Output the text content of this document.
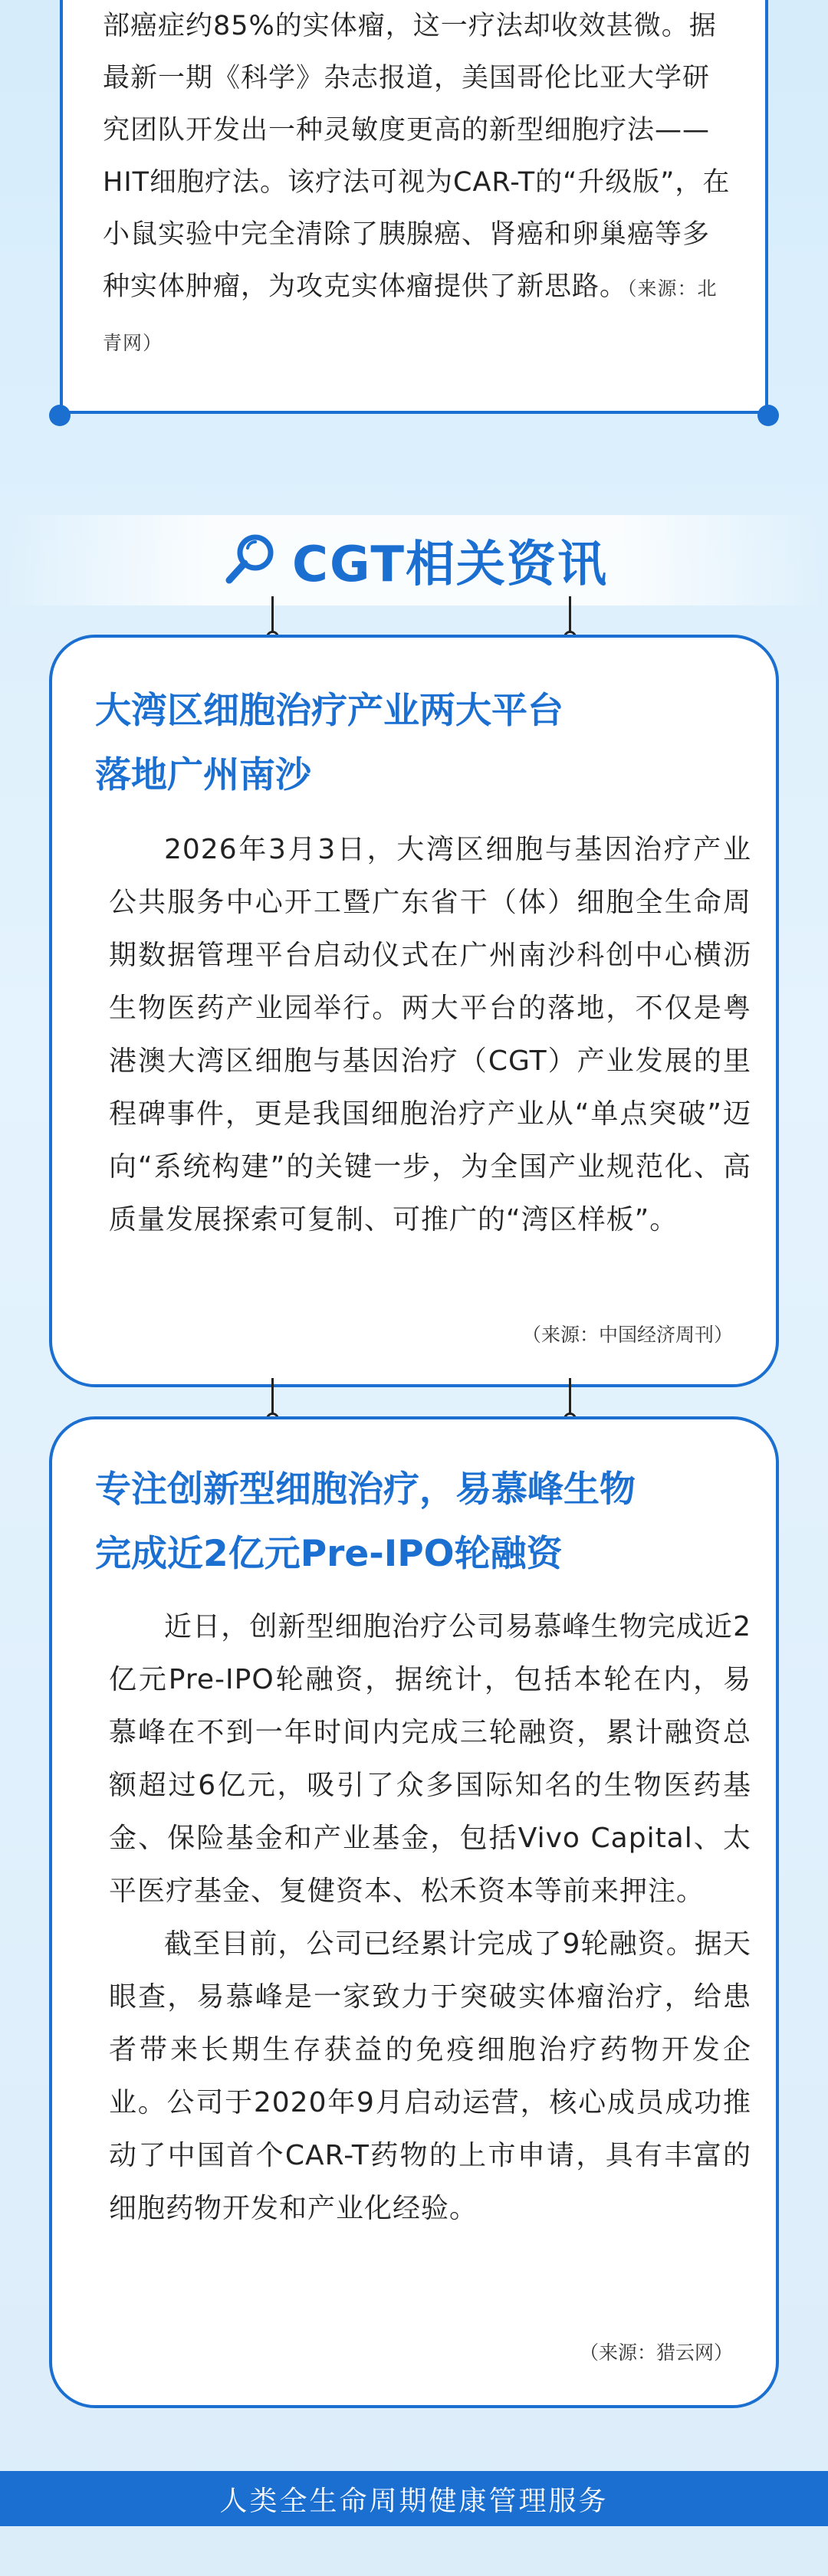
部癌症约85%的实体瘤，这一疗法却收效甚微。据最新一期《科学》杂志报道，美国哥伦比亚大学研究团队开发出一种灵敏度更高的新型细胞疗法——HIT细胞疗法。该疗法可视为CAR-T的“升级版”，在小鼠实验中完全清除了胰腺癌、肾癌和卵巢癌等多种实体肿瘤，为攻克实体瘤提供了新思路。（来源：北青网）

CGT相关资讯
大湾区细胞治疗产业两大平台
落地广州南沙

2026年3月3日，大湾区细胞与基因治疗产业公共服务中心开工暨广东省干（体）细胞全生命周期数据管理平台启动仪式在广州南沙科创中心横沥生物医药产业园举行。两大平台的落地，不仅是粤港澳大湾区细胞与基因治疗（CGT）产业发展的里程碑事件，更是我国细胞治疗产业从“单点突破”迈向“系统构建”的关键一步，为全国产业规范化、高质量发展探索可复制、可推广的“湾区样板”。

（来源：中国经济周刊）
专注创新型细胞治疗，易慕峰生物
完成近2亿元Pre-IPO轮融资

近日，创新型细胞治疗公司易慕峰生物完成近2亿元Pre-IPO轮融资，据统计，包括本轮在内，易慕峰在不到一年时间内完成三轮融资，累计融资总额超过6亿元，吸引了众多国际知名的生物医药基金、保险基金和产业基金，包括Vivo Capital、太平医疗基金、复健资本、松禾资本等前来押注。

截至目前，公司已经累计完成了9轮融资。据天眼查，易慕峰是一家致力于突破实体瘤治疗，给患者带来长期生存获益的免疫细胞治疗药物开发企业。公司于2020年9月启动运营，核心成员成功推动了中国首个CAR-T药物的上市申请，具有丰富的细胞药物开发和产业化经验。

（来源：猎云网）
人类全生命周期健康管理服务
